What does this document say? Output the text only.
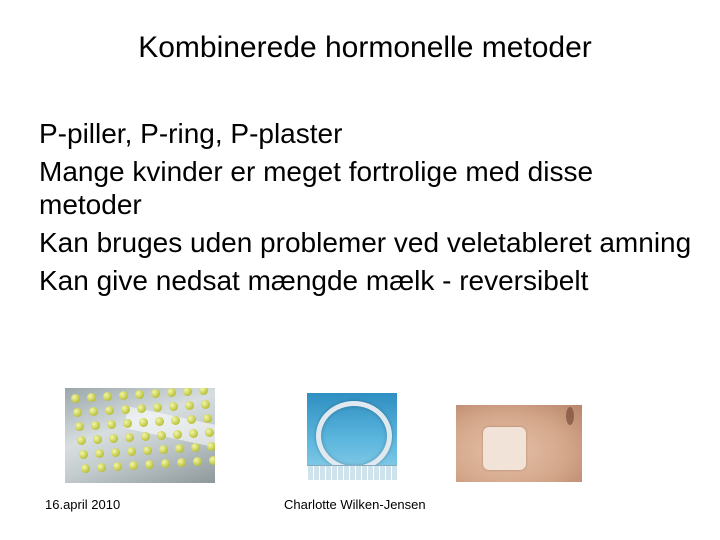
Kombinerede hormonelle metoder
P-piller, P-ring, P-plaster
Mange kvinder er meget fortrolige med disse metoder
Kan bruges uden problemer ved veletableret amning
Kan give nedsat mængde mælk - reversibelt
16.april 2010	Charlotte Wilken-Jensen
